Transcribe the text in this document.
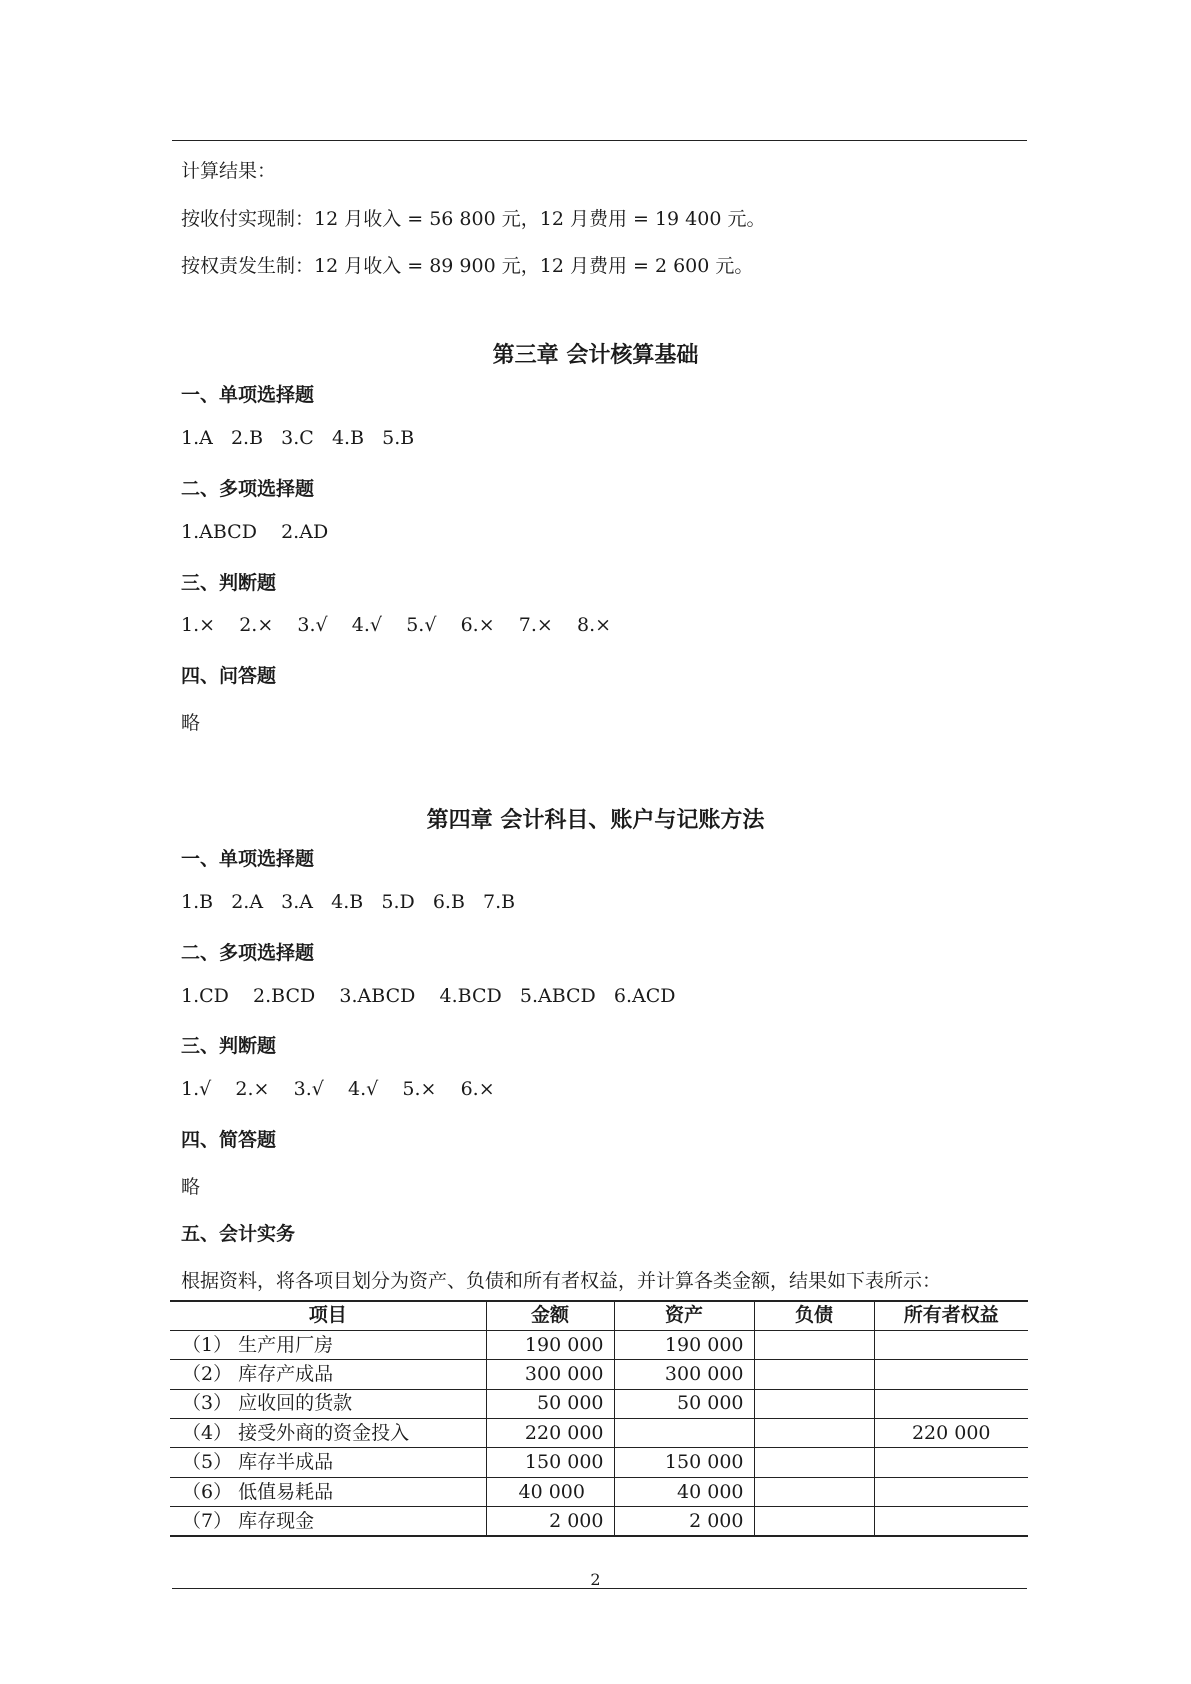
计算结果：
按收付实现制：12 月收入 = 56 800 元，12 月费用 = 19 400 元。
按权责发生制：12 月收入 = 89 900 元，12 月费用 = 2 600 元。
第三章 会计核算基础
一、单项选择题
1.A   2.B   3.C   4.B   5.B
二、多项选择题
1.ABCD    2.AD
三、判断题
1.×    2.×    3.√    4.√    5.√    6.×    7.×    8.×
四、问答题
略
第四章 会计科目、账户与记账方法
一、单项选择题
1.B   2.A   3.A   4.B   5.D   6.B   7.B
二、多项选择题
1.CD    2.BCD    3.ABCD    4.BCD   5.ABCD   6.ACD
三、判断题
1.√    2.×    3.√    4.√    5.×    6.×
四、简答题
略
五、会计实务
根据资料，将各项目划分为资产、负债和所有者权益，并计算各类金额，结果如下表所示：
项目	金额	资产	负债	所有者权益
（1） 生产用厂房	190 000	190 000		
（2） 库存产成品	300 000	300 000		
（3） 应收回的货款	50 000	50 000		
（4） 接受外商的资金投入	220 000			220 000
（5） 库存半成品	150 000	150 000		
（6） 低值易耗品	40 000	40 000		
（7） 库存现金	2 000	2 000		
2
